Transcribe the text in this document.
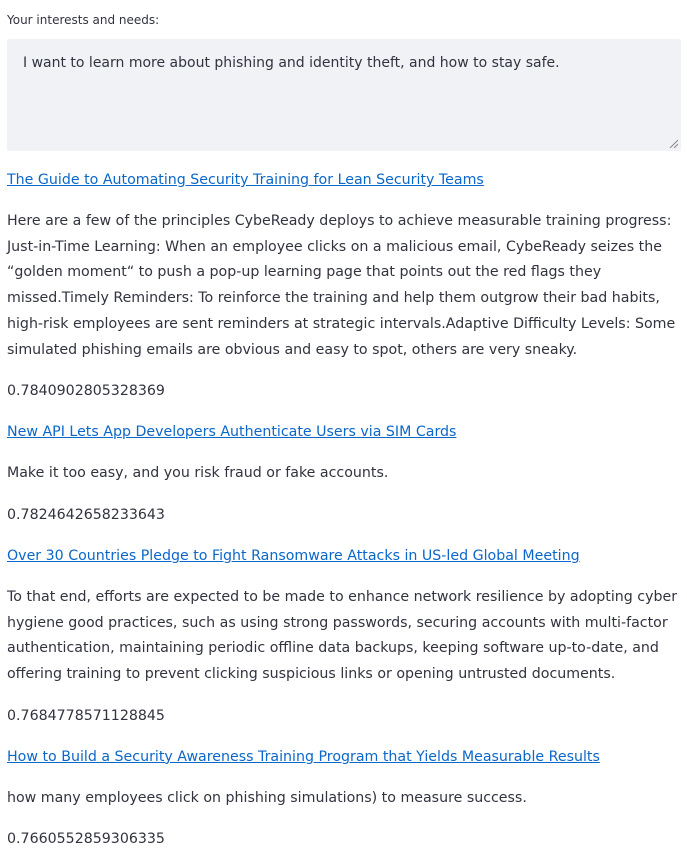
Your interests and needs:
I want to learn more about phishing and identity theft, and how to stay safe.
The Guide to Automating Security Training for Lean Security Teams
Here are a few of the principles CybeReady deploys to achieve measurable training progress: Just-in-Time Learning: When an employee clicks on a malicious email, CybeReady seizes the “golden moment“ to push a pop-up learning page that points out the red flags they missed.Timely Reminders: To reinforce the training and help them outgrow their bad habits, high-risk employees are sent reminders at strategic intervals.Adaptive Difficulty Levels: Some simulated phishing emails are obvious and easy to spot, others are very sneaky.
0.7840902805328369
New API Lets App Developers Authenticate Users via SIM Cards
Make it too easy, and you risk fraud or fake accounts.
0.7824642658233643
Over 30 Countries Pledge to Fight Ransomware Attacks in US-led Global Meeting
To that end, efforts are expected to be made to enhance network resilience by adopting cyber hygiene good practices, such as using strong passwords, securing accounts with multi-factor authentication, maintaining periodic offline data backups, keeping software up-to-date, and offering training to prevent clicking suspicious links or opening untrusted documents.
0.7684778571128845
How to Build a Security Awareness Training Program that Yields Measurable Results
how many employees click on phishing simulations) to measure success.
0.7660552859306335
